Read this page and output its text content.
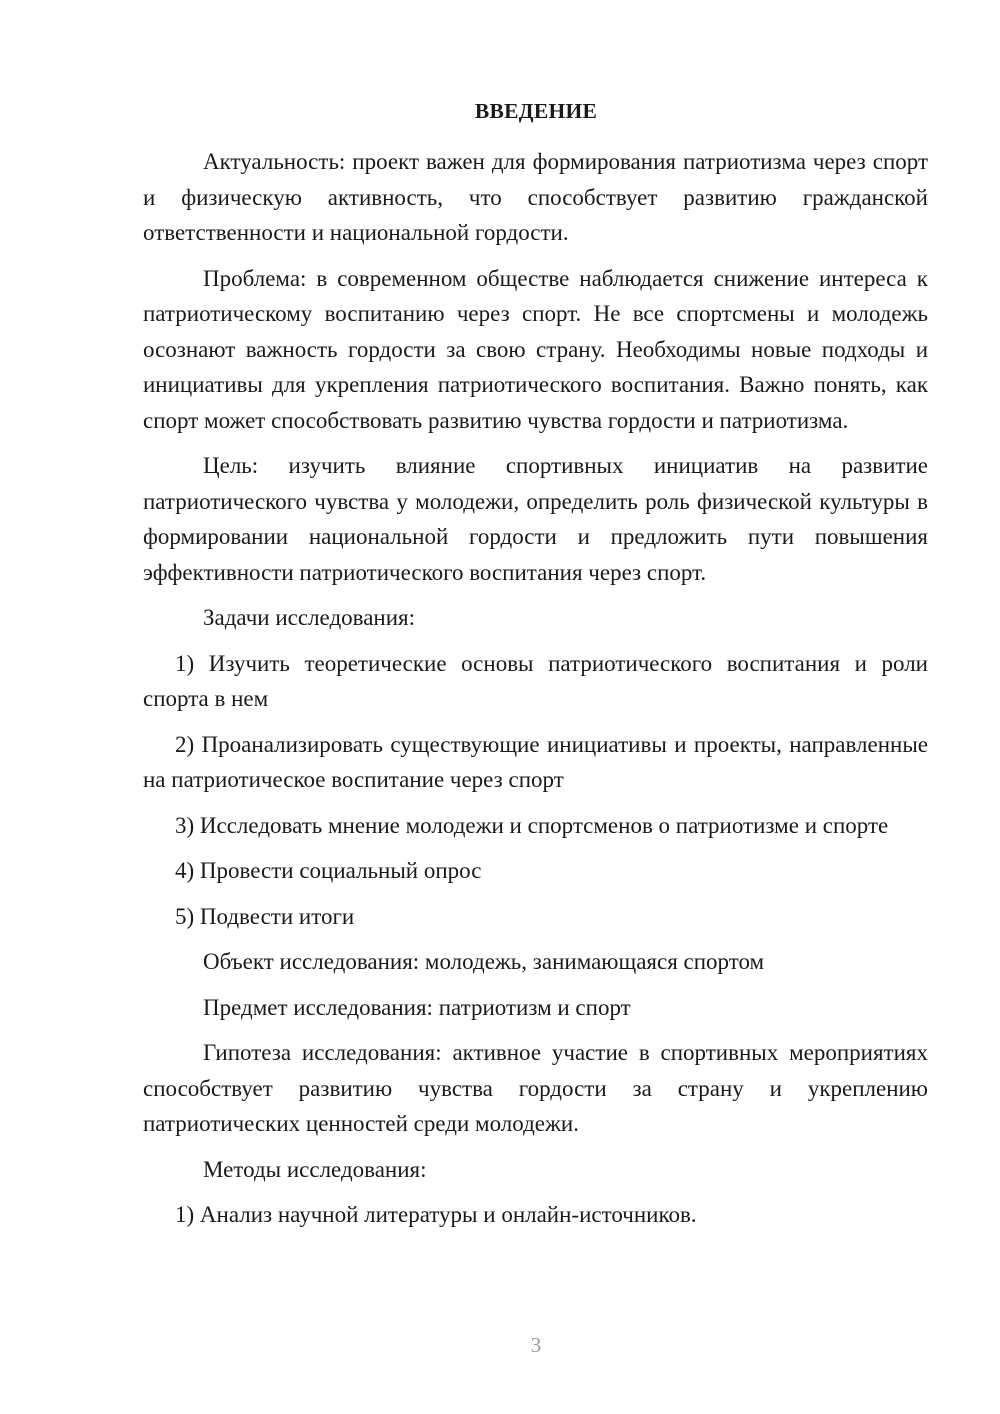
ВВЕДЕНИЕ

Актуальность: проект важен для формирования патриотизма через спорт и физическую активность, что способствует развитию гражданской ответственности и национальной гордости.

Проблема: в современном обществе наблюдается снижение интереса к патриотическому воспитанию через спорт. Не все спортсмены и молодежь осознают важность гордости за свою страну. Необходимы новые подходы и инициативы для укрепления патриотического воспитания. Важно понять, как спорт может способствовать развитию чувства гордости и патриотизма.

Цель: изучить влияние спортивных инициатив на развитие патриотического чувства у молодежи, определить роль физической культуры в формировании национальной гордости и предложить пути повышения эффективности патриотического воспитания через спорт.

Задачи исследования:

1) Изучить теоретические основы патриотического воспитания и роли спорта в нем

2) Проанализировать существующие инициативы и проекты, направленные на патриотическое воспитание через спорт

3) Исследовать мнение молодежи и спортсменов о патриотизме и спорте

4) Провести социальный опрос

5) Подвести итоги

Объект исследования: молодежь, занимающаяся спортом

Предмет исследования: патриотизм и спорт

Гипотеза исследования: активное участие в спортивных мероприятиях способствует развитию чувства гордости за страну и укреплению патриотических ценностей среди молодежи.

Методы исследования:

1) Анализ научной литературы и онлайн-источников.

3
